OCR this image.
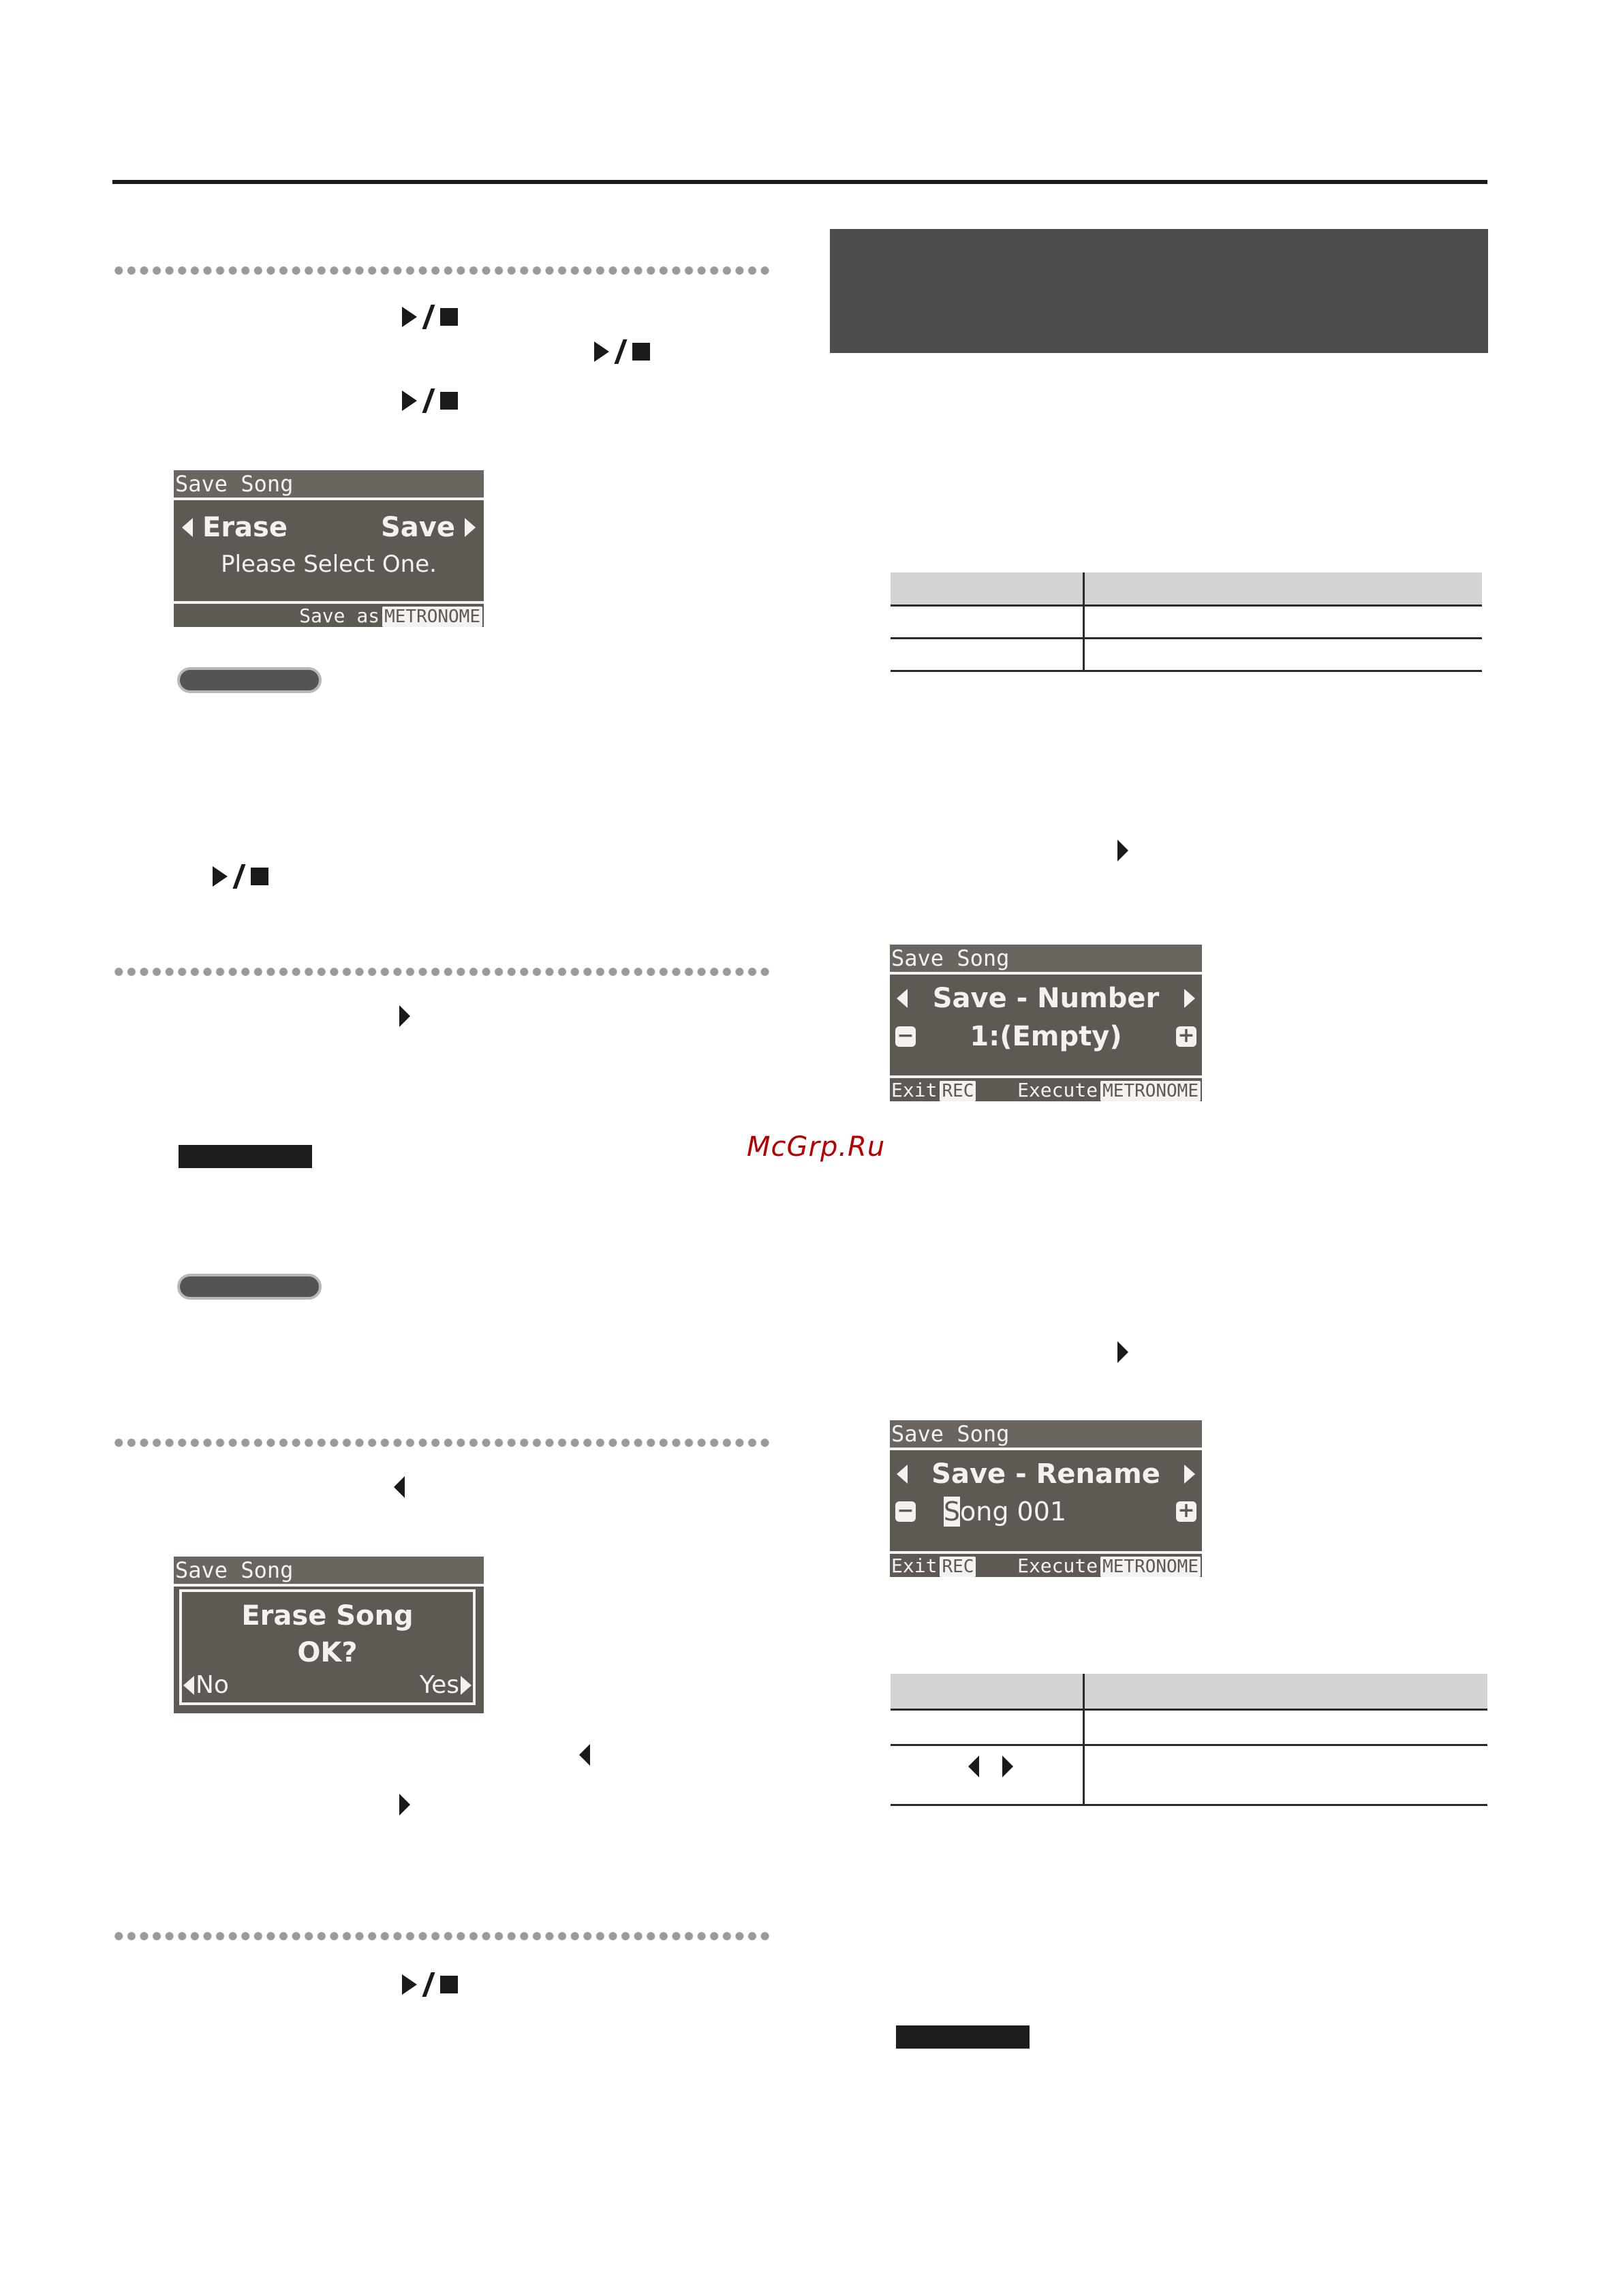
Save Song
Erase	Save
Please Select One.
Save as METRONOME
Save Song
Erase Song
OK?
No	Yes

Save Song
Save - Number
− 1:(Empty)	+
Exit REC Execute METRONOME
McGrp.Ru
Save Song
Save - Rename
− Song 001	+
Exit REC Execute METRONOME
